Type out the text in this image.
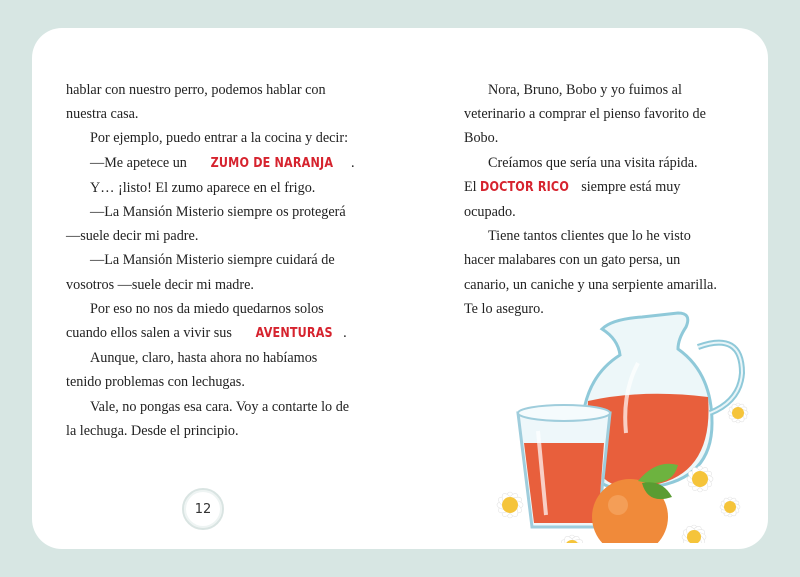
hablar con nuestro perro, podemos hablar con nuestra casa.

Por ejemplo, puedo entrar a la cocina y decir:

—Me apetece un ZUMO DE NARANJA .

Y… ¡listo! El zumo aparece en el frigo.

—La Mansión Misterio siempre os protegerá —suele decir mi padre.

—La Mansión Misterio siempre cuidará de vosotros —suele decir mi madre.

Por eso no nos da miedo quedarnos solos cuando ellos salen a vivir sus AVENTURAS .

Aunque, claro, hasta ahora no habíamos tenido problemas con lechugas.

Vale, no pongas esa cara. Voy a contarte lo de la lechuga. Desde el principio.

12

Nora, Bruno, Bobo y yo fuimos al veterinario a comprar el pienso favorito de Bobo.

Creíamos que sería una visita rápida.

El DOCTOR RICO siempre está muy ocupado.

Tiene tantos clientes que lo he visto hacer malabares con un gato persa, un canario, un caniche y una serpiente amarilla. Te lo aseguro.
